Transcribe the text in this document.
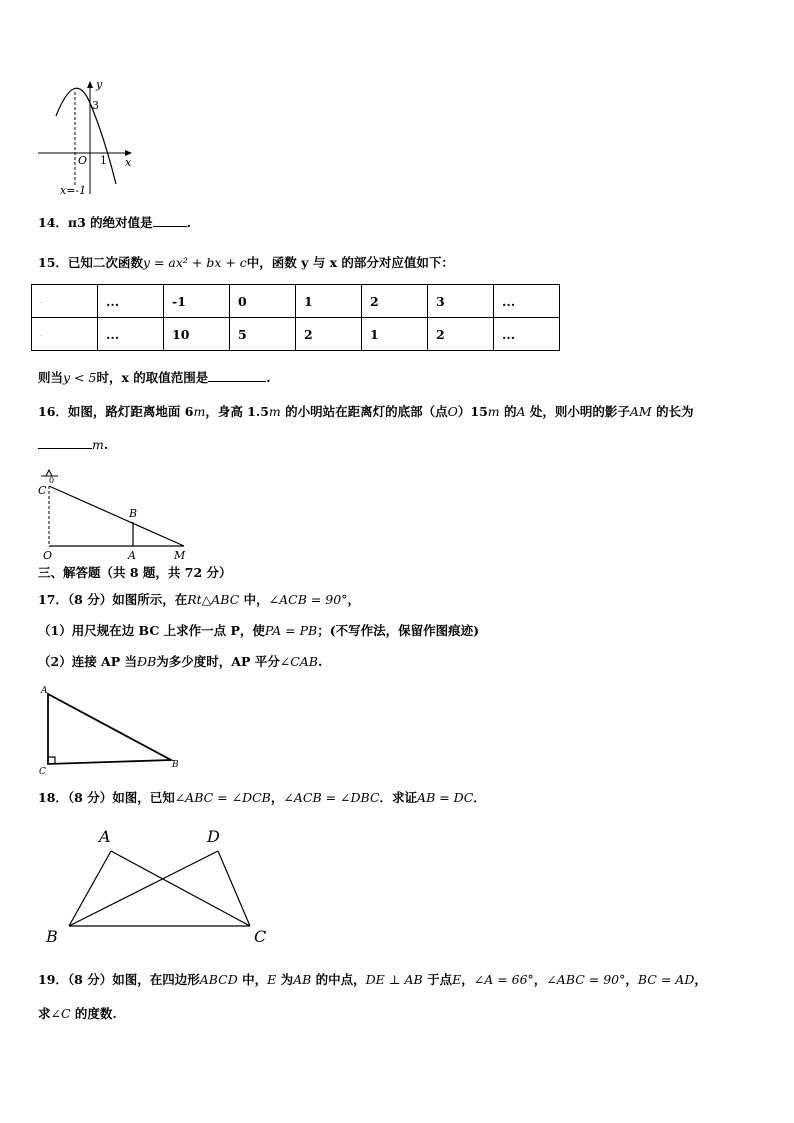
y
x
O
3
1
x=-1
14．π3 的绝对值是	.
15．已知二次函数y = ax² + bx + c中，函数 y 与 x 的部分对应值如下：
.	...	-1	0	1	2	3	...
.	...	10	5	2	1	2	...
则当y < 5时，x 的取值范围是	.
16．如图，路灯距离地面 6m，身高 1.5m 的小明站在距离灯的底部（点O）15m 的A 处，则小明的影子AM 的长为
m.
0
C
B
O	A	M
三、解答题（共 8 题，共 72 分）
17．（8 分）如图所示，在Rt△ABC 中，∠ACB = 90°，
（1）用尺规在边 BC 上求作一点 P，使PA = PB；(不写作法，保留作图痕迹)
（2）连接 AP 当ÐB为多少度时，AP 平分∠CAB.
A
C
B
18．（8 分）如图，已知∠ABC = ∠DCB，∠ACB = ∠DBC．求证AB = DC．
A	D
B	C
19．（8 分）如图，在四边形ABCD 中，E 为AB 的中点，DE ⊥ AB 于点E，∠A = 66°，∠ABC = 90°，BC = AD，
求∠C 的度数.
